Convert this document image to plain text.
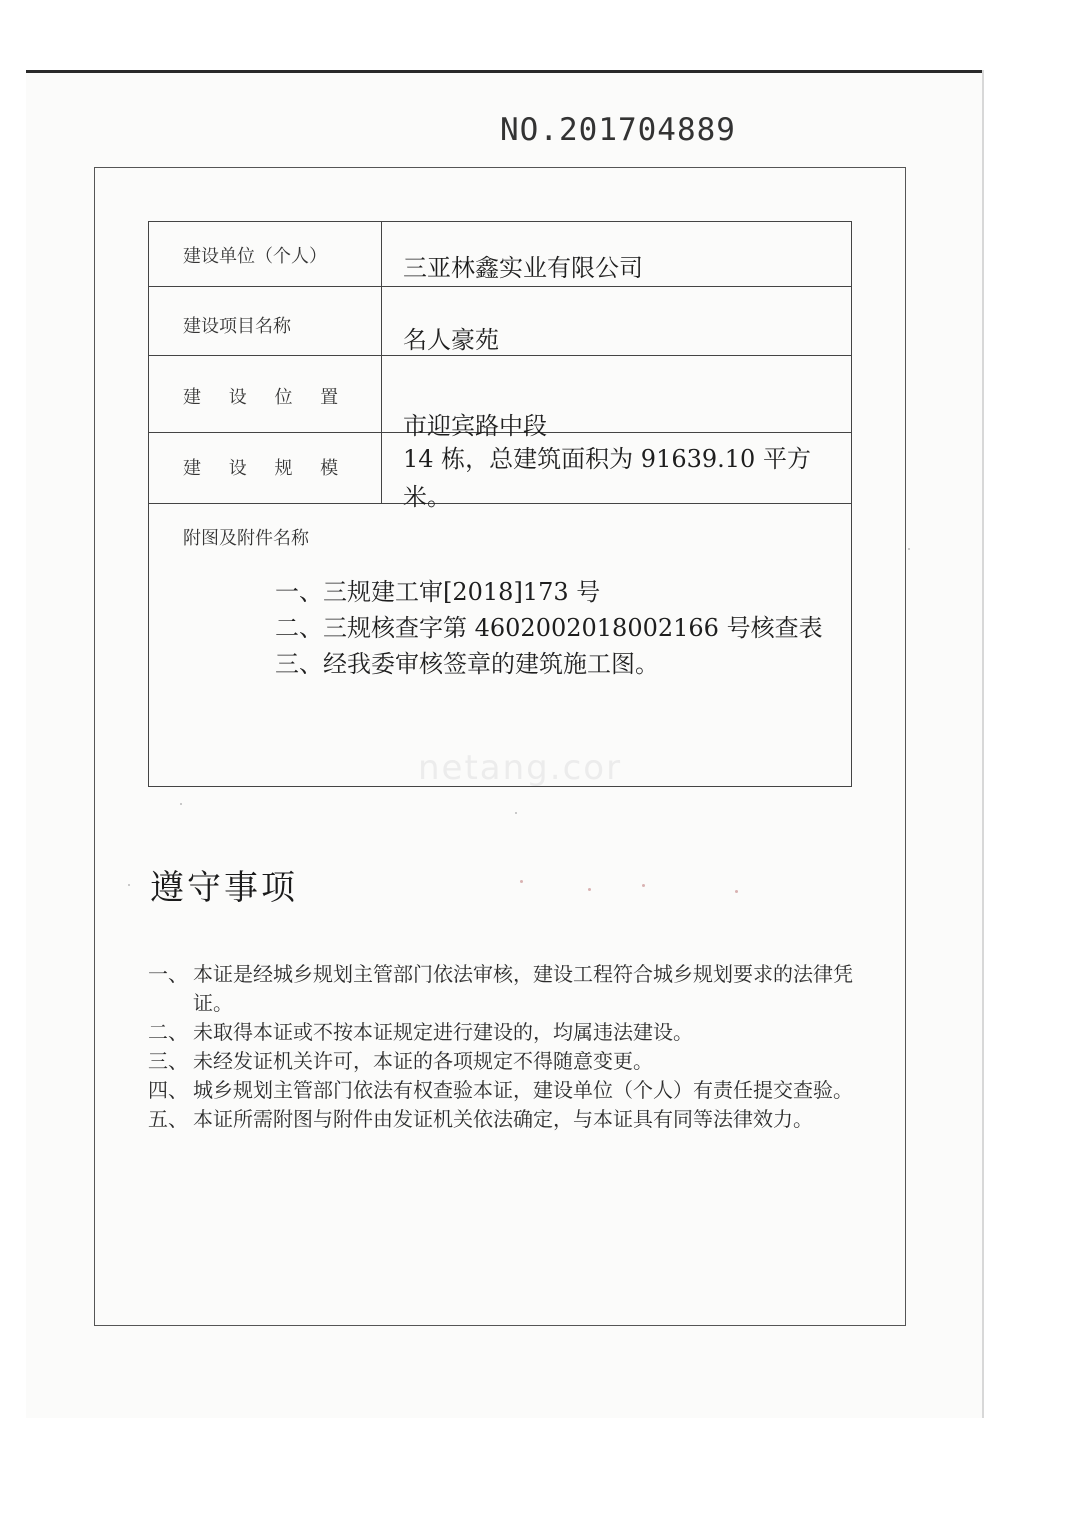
NO.201704889
建设单位（个人）	三亚林鑫实业有限公司
建设项目名称	名人豪苑
建 设 位 置
市迎宾路中段
建 设 规 模 14 栋，总建筑面积为 91639.10 平方米。
附图及附件名称
一、三规建工审[2018]173 号
二、三规核查字第 4602002018002166 号核查表
三、经我委审核签章的建筑施工图。
netang.cor
遵守事项
一、 本证是经城乡规划主管部门依法审核，建设工程符合城乡规划要求的法律凭证。
二、 未取得本证或不按本证规定进行建设的，均属违法建设。
三、 未经发证机关许可，本证的各项规定不得随意变更。
四、 城乡规划主管部门依法有权查验本证，建设单位（个人）有责任提交查验。
五、 本证所需附图与附件由发证机关依法确定，与本证具有同等法律效力。
